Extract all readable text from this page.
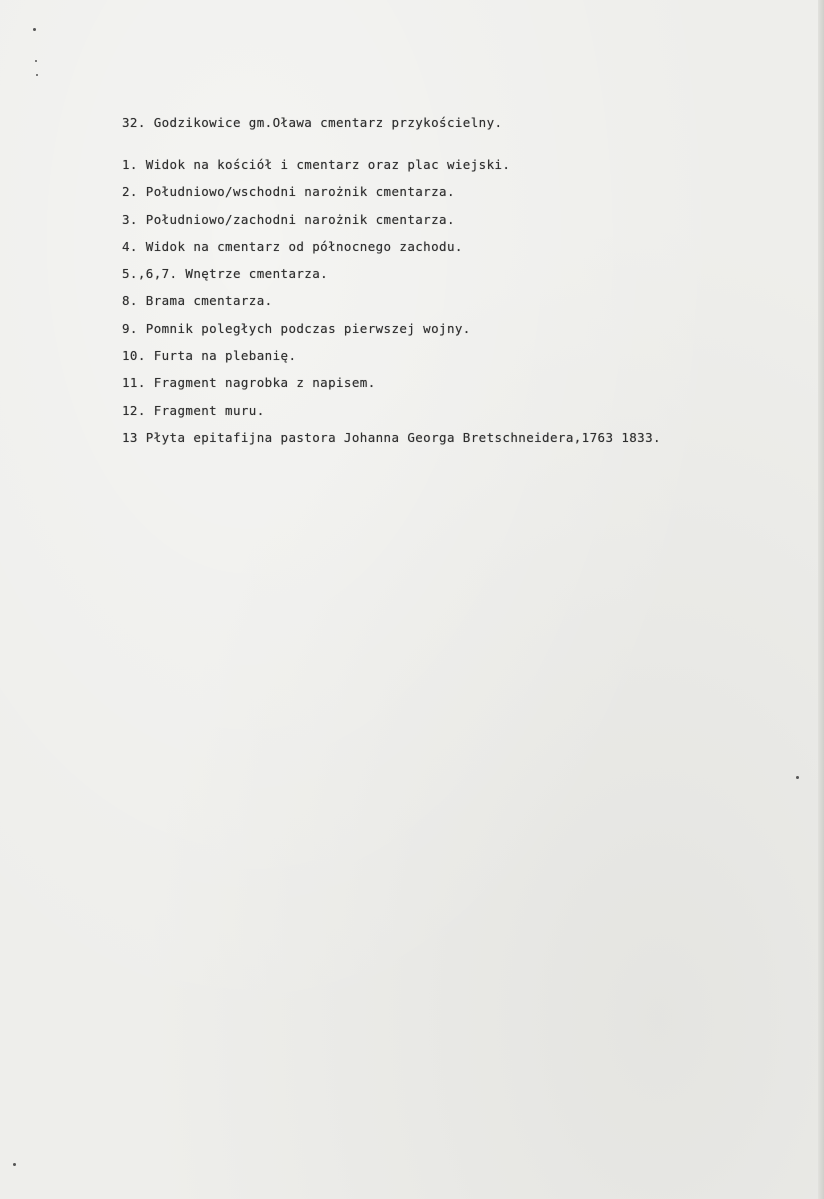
32. Godzikowice gm.Oława cmentarz przykościelny.
1. Widok na kościół i cmentarz oraz plac wiejski.
2. Południowo/wschodni narożnik cmentarza.
3. Południowo/zachodni narożnik cmentarza.
4. Widok na cmentarz od północnego zachodu.
5.,6,7. Wnętrze cmentarza.
8. Brama cmentarza.
9. Pomnik poległych podczas pierwszej wojny.
10. Furta na plebanię.
11. Fragment nagrobka z napisem.
12. Fragment muru.
13 Płyta epitafijna pastora Johanna Georga Bretschneidera,1763 1833.
